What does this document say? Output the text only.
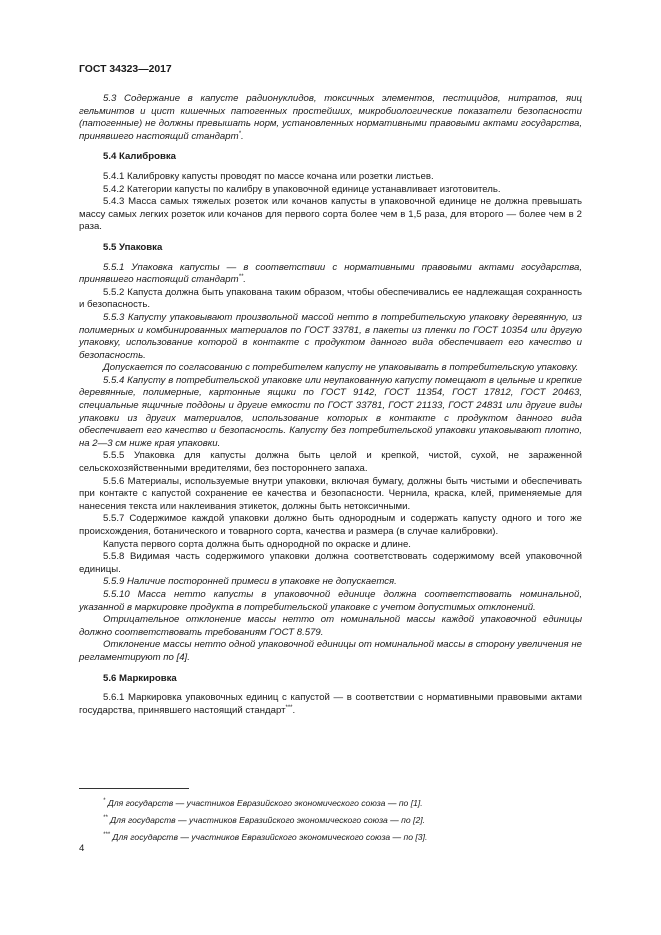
ГОСТ 34323—2017

5.3 Содержание в капусте радионуклидов, токсичных элементов, пестицидов, нитратов, яиц гельминтов и цист кишечных патогенных простейших, микробиологические показатели безопасности (патогенные) не должны превышать норм, установленных нормативными правовыми актами государства, принявшего настоящий стандарт*.

5.4 Калибровка

5.4.1 Калибровку капусты проводят по массе кочана или розетки листьев.

5.4.2 Категории капусты по калибру в упаковочной единице устанавливает изготовитель.

5.4.3 Масса самых тяжелых розеток или кочанов капусты в упаковочной единице не должна превышать массу самых легких розеток или кочанов для первого сорта более чем в 1,5 раза, для второго — более чем в 2 раза.

5.5 Упаковка

5.5.1 Упаковка капусты — в соответствии с нормативными правовыми актами государства, принявшего настоящий стандарт**.

5.5.2 Капуста должна быть упакована таким образом, чтобы обеспечивались ее надлежащая сохранность и безопасность.

5.5.3 Капусту упаковывают произвольной массой нетто в потребительскую упаковку деревянную, из полимерных и комбинированных материалов по ГОСТ 33781, в пакеты из пленки по ГОСТ 10354 или другую упаковку, использование которой в контакте с продуктом данного вида обеспечивает его качество и безопасность.

Допускается по согласованию с потребителем капусту не упаковывать в потребительскую упаковку.

5.5.4 Капусту в потребительской упаковке или неупакованную капусту помещают в цельные и крепкие деревянные, полимерные, картонные ящики по ГОСТ 9142, ГОСТ 11354, ГОСТ 17812, ГОСТ 20463, специальные ящичные поддоны и другие емкости по ГОСТ 33781, ГОСТ 21133, ГОСТ 24831 или другие виды упаковки из других материалов, использование которых в контакте с продуктом данного вида обеспечивает его качество и безопасность. Капусту без потребительской упаковки упаковывают плотно, на 2—3 см ниже края упаковки.

5.5.5 Упаковка для капусты должна быть целой и крепкой, чистой, сухой, не зараженной сельскохозяйственными вредителями, без постороннего запаха.

5.5.6 Материалы, используемые внутри упаковки, включая бумагу, должны быть чистыми и обеспечивать при контакте с капустой сохранение ее качества и безопасности. Чернила, краска, клей, применяемые для нанесения текста или наклеивания этикеток, должны быть нетоксичными.

5.5.7 Содержимое каждой упаковки должно быть однородным и содержать капусту одного и того же происхождения, ботанического и товарного сорта, качества и размера (в случае калибровки).

Капуста первого сорта должна быть однородной по окраске и длине.

5.5.8 Видимая часть содержимого упаковки должна соответствовать содержимому всей упаковочной единицы.

5.5.9 Наличие посторонней примеси в упаковке не допускается.

5.5.10 Масса нетто капусты в упаковочной единице должна соответствовать номинальной, указанной в маркировке продукта в потребительской упаковке с учетом допустимых отклонений.

Отрицательное отклонение массы нетто от номинальной массы каждой упаковочной единицы должно соответствовать требованиям ГОСТ 8.579.

Отклонение массы нетто одной упаковочной единицы от номинальной массы в сторону увеличения не регламентируют по [4].

5.6 Маркировка

5.6.1 Маркировка упаковочных единиц с капустой — в соответствии с нормативными правовыми актами государства, принявшего настоящий стандарт***.

* Для государств — участников Евразийского экономического союза — по [1].

** Для государств — участников Евразийского экономического союза — по [2].

*** Для государств — участников Евразийского экономического союза — по [3].

4
